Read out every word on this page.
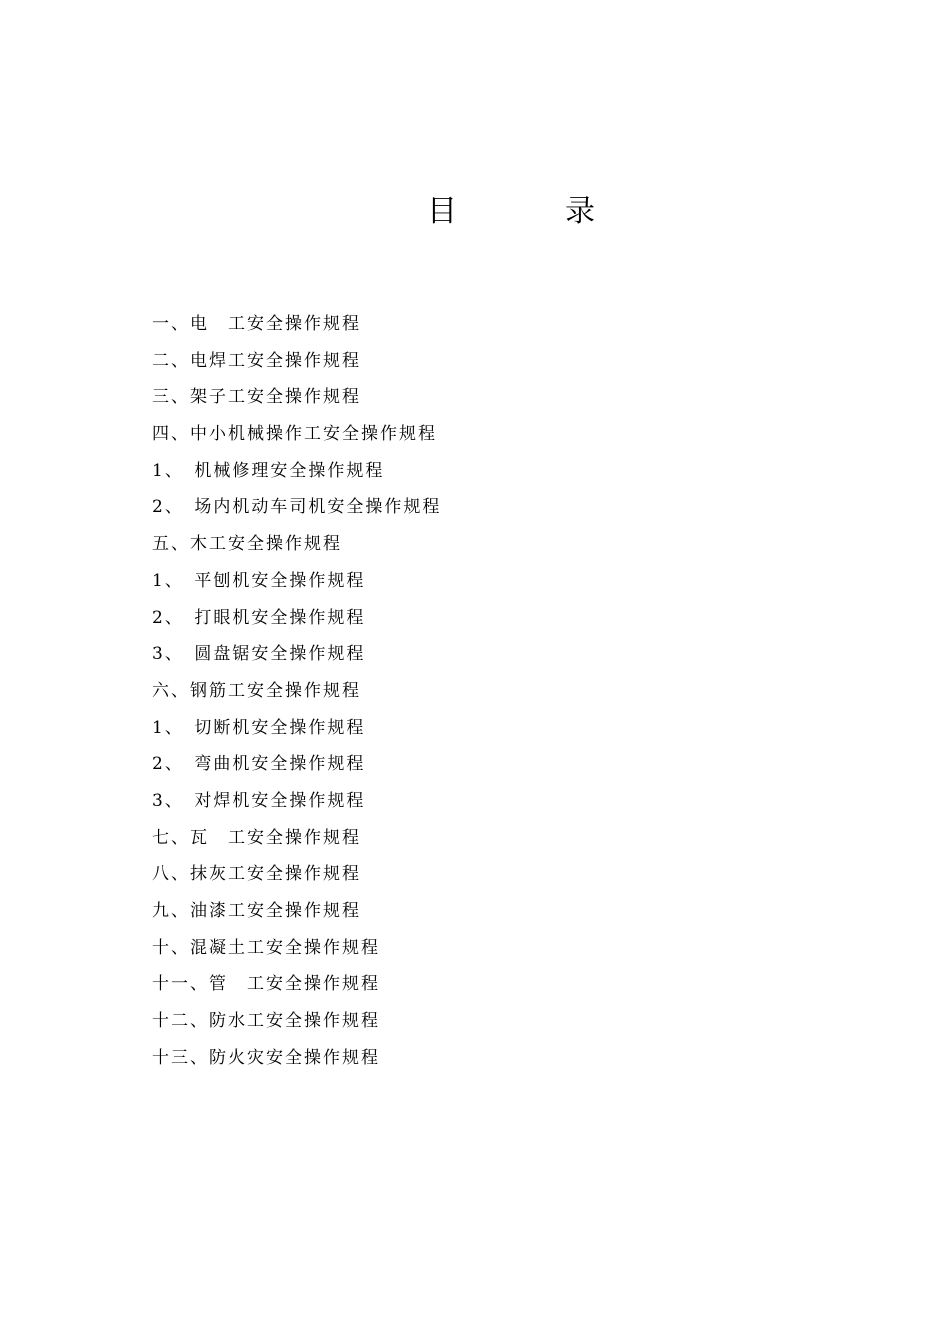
目	录
一、电　工安全操作规程
二、电焊工安全操作规程
三、架子工安全操作规程
四、中小机械操作工安全操作规程
1、　机械修理安全操作规程
2、　场内机动车司机安全操作规程
五、木工安全操作规程
1、　平刨机安全操作规程
2、　打眼机安全操作规程
3、　圆盘锯安全操作规程
六、钢筋工安全操作规程
1、　切断机安全操作规程
2、　弯曲机安全操作规程
3、　对焊机安全操作规程
七、瓦　工安全操作规程
八、抹灰工安全操作规程
九、油漆工安全操作规程
十、混凝土工安全操作规程
十一、管　工安全操作规程
十二、防水工安全操作规程
十三、防火灾安全操作规程
